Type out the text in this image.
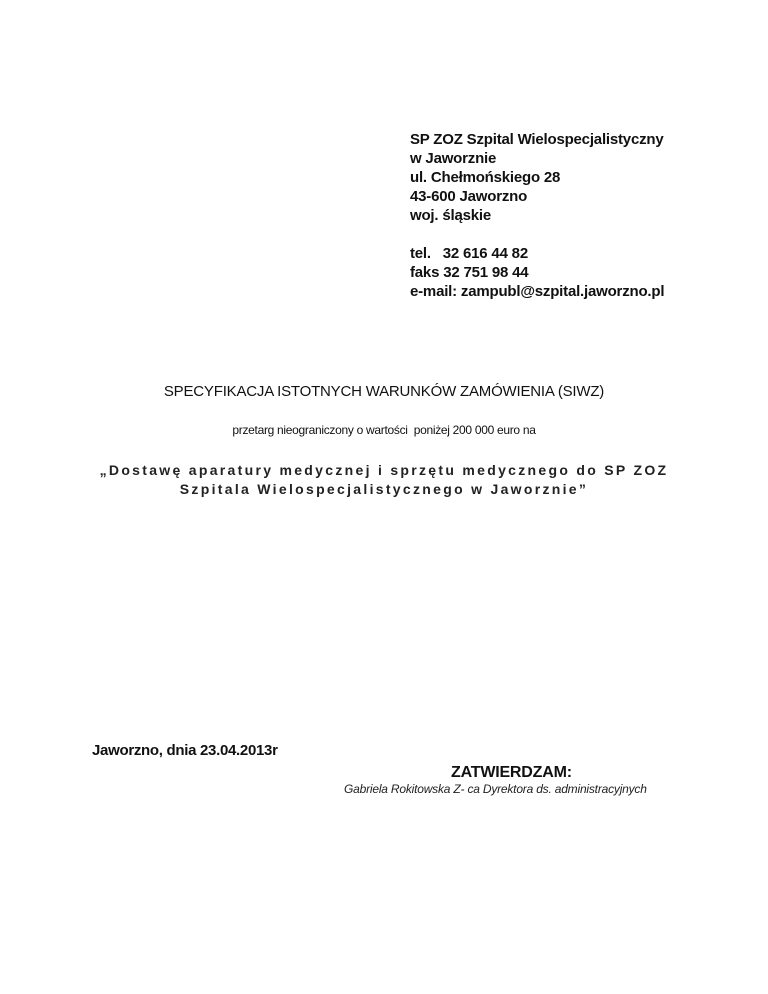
SP ZOZ Szpital Wielospecjalistyczny
w Jaworznie
ul. Chełmońskiego 28
43-600 Jaworzno
woj. śląskie
tel.   32 616 44 82
faks 32 751 98 44
e-mail: zampubl@szpital.jaworzno.pl
SPECYFIKACJA ISTOTNYCH WARUNKÓW ZAMÓWIENIA (SIWZ)
przetarg nieograniczony o wartości  poniżej 200 000 euro na
„Dostawę aparatury medycznej i sprzętu medycznego do SP ZOZ
Szpitala Wielospecjalistycznego w Jaworznie”
Jaworzno, dnia 23.04.2013r
ZATWIERDZAM:
Gabriela Rokitowska Z- ca Dyrektora ds. administracyjnych
